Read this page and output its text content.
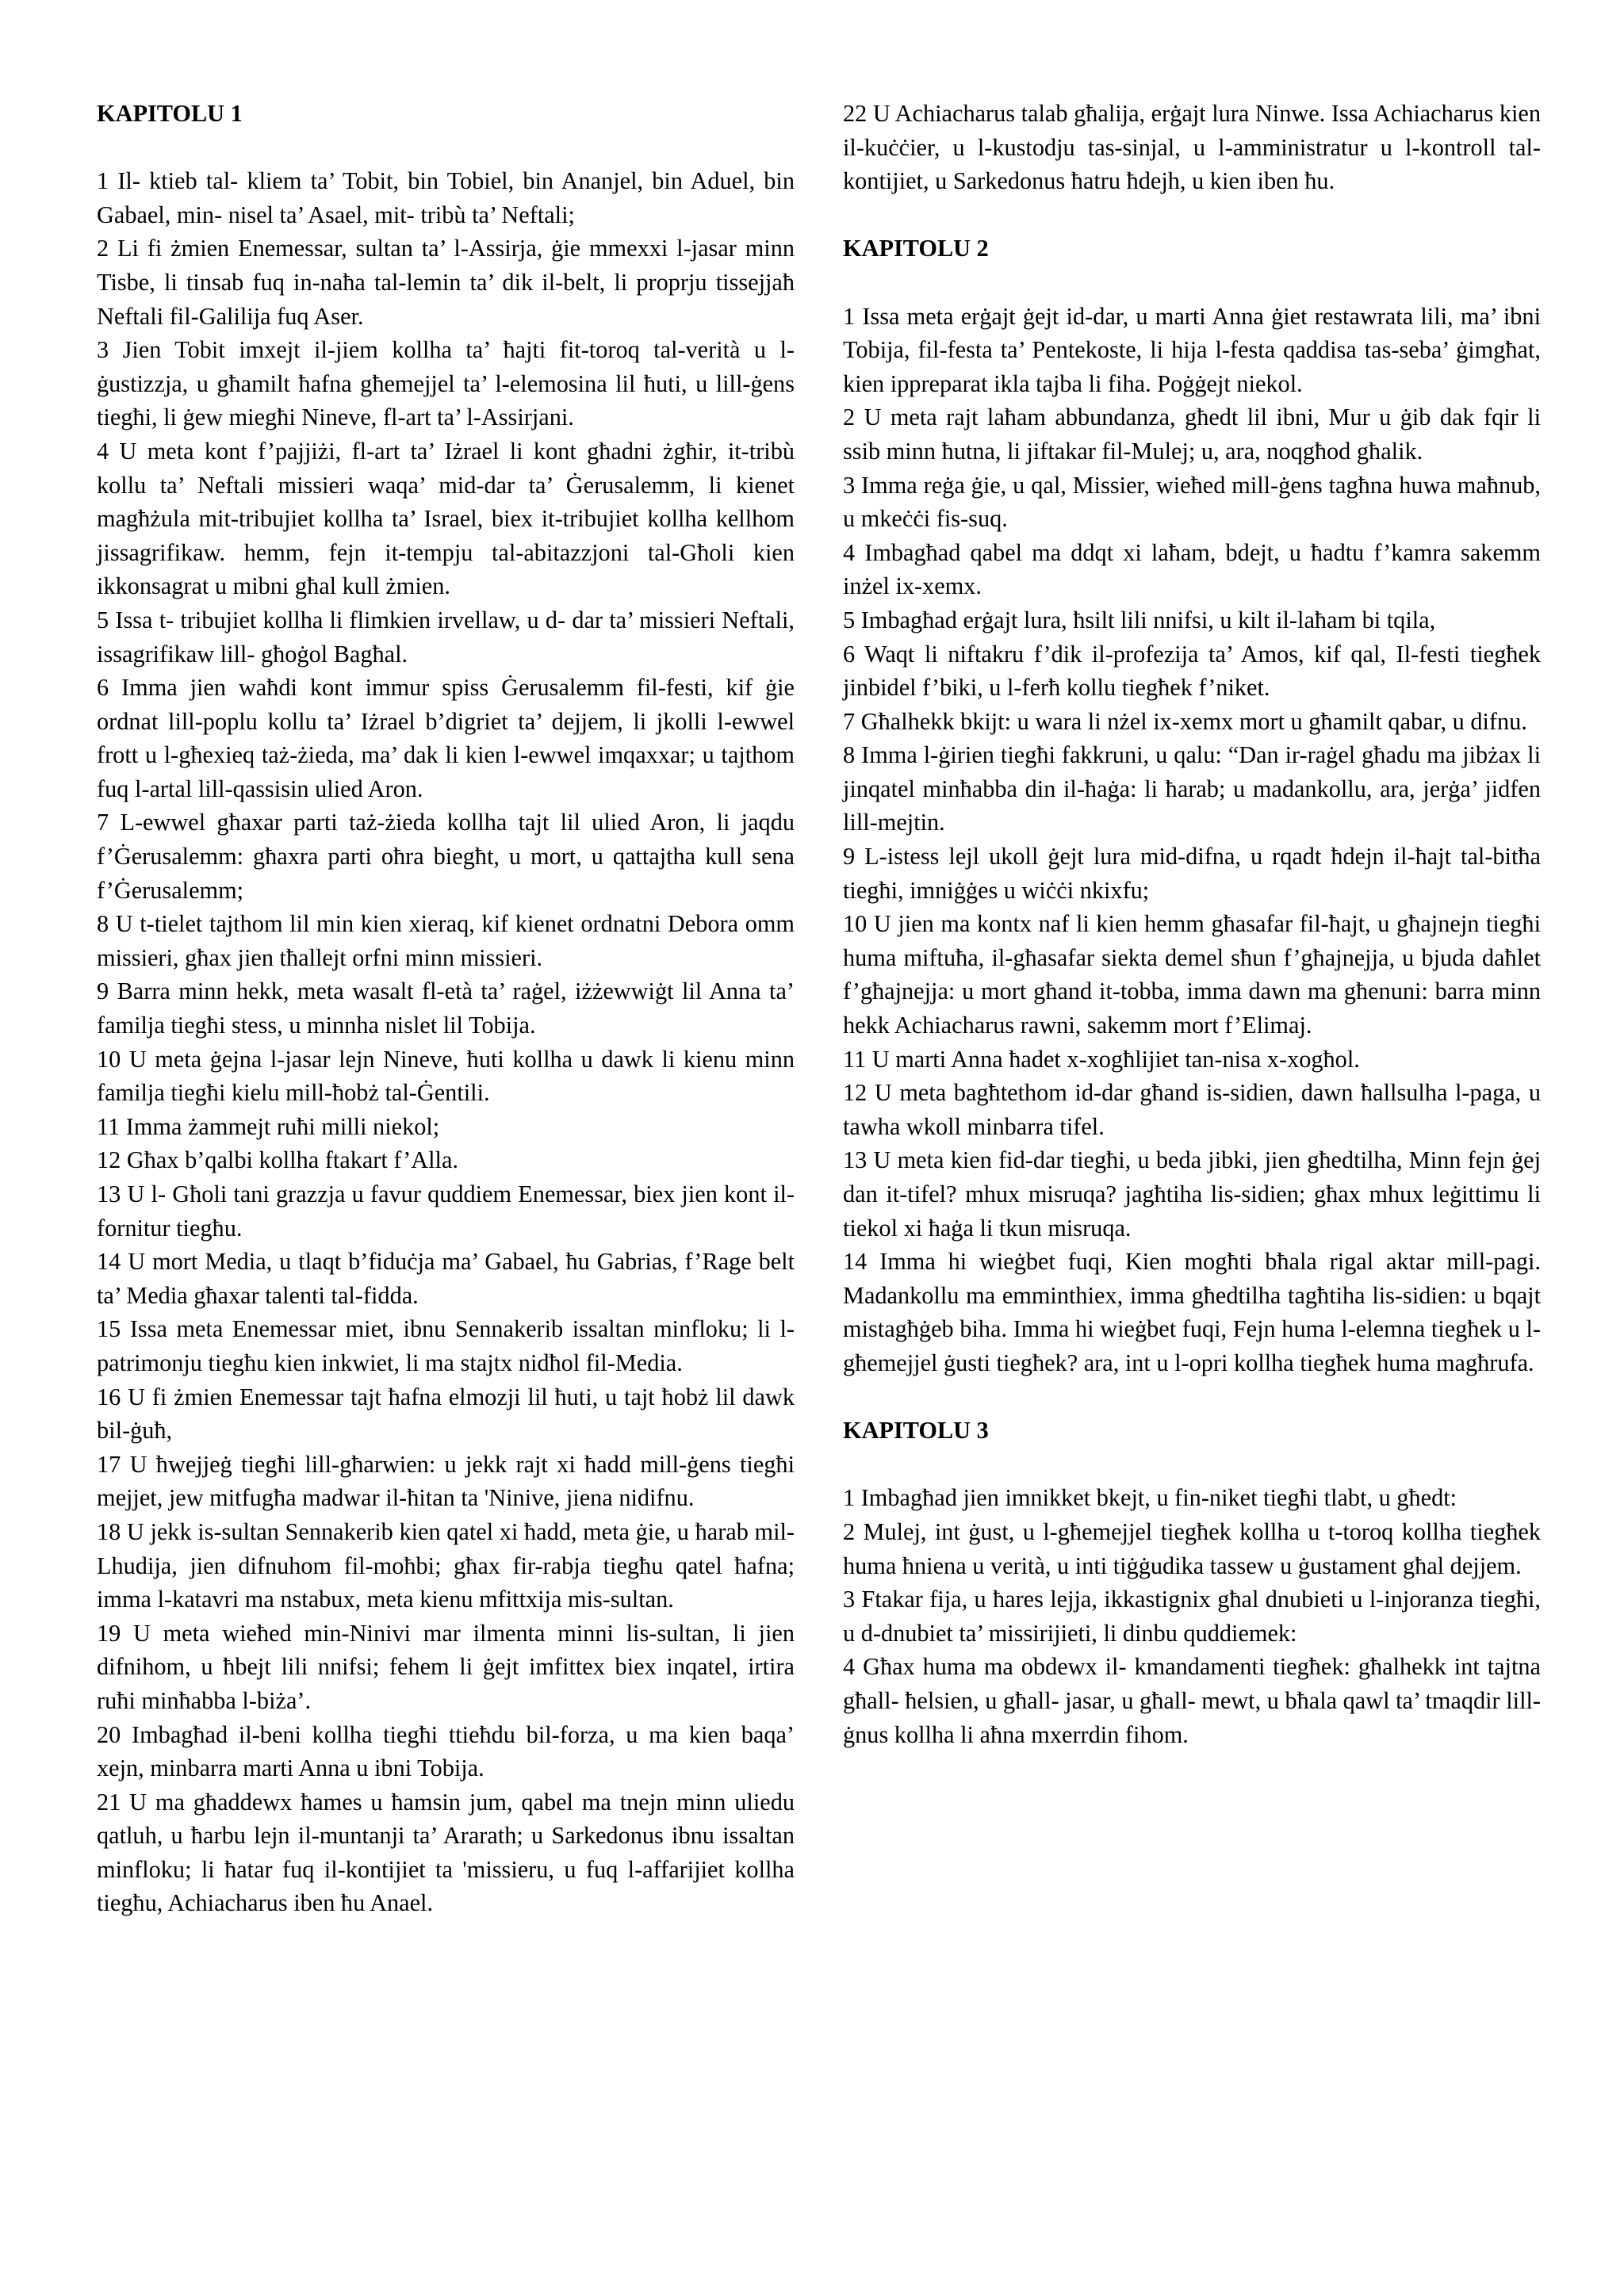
KAPITOLU 1

1 Il- ktieb tal- kliem ta’ Tobit, bin Tobiel, bin Ananjel, bin Aduel, bin Gabael, min- nisel ta’ Asael, mit- tribù ta’ Neftali;

2 Li fi żmien Enemessar, sultan ta’ l-Assirja, ġie mmexxi l-jasar minn Tisbe, li tinsab fuq in-naħa tal-lemin ta’ dik il-belt, li proprju tissejjaħ Neftali fil-Galilija fuq Aser.

3 Jien Tobit imxejt il-jiem kollha ta’ ħajti fit-toroq tal-verità u l-ġustizzja, u għamilt ħafna għemejjel ta’ l-elemosina lil ħuti, u lill-ġens tiegħi, li ġew miegħi Nineve, fl-art ta’ l-Assirjani.

4 U meta kont f’pajjiżi, fl-art ta’ Iżrael li kont għadni żgħir, it-tribù kollu ta’ Neftali missieri waqa’ mid-dar ta’ Ġerusalemm, li kienet magħżula mit-tribujiet kollha ta’ Israel, biex it-tribujiet kollha kellhom jissagrifikaw. hemm, fejn it-tempju tal-abitazzjoni tal-Għoli kien ikkonsagrat u mibni għal kull żmien.

5 Issa t- tribujiet kollha li flimkien irvellaw, u d- dar ta’ missieri Neftali, issagrifikaw lill- għoġol Bagħal.

6 Imma jien waħdi kont immur spiss Ġerusalemm fil-festi, kif ġie ordnat lill-poplu kollu ta’ Iżrael b’digriet ta’ dejjem, li jkolli l-ewwel frott u l-għexieq taż-żieda, ma’ dak li kien l-ewwel imqaxxar; u tajthom fuq l-artal lill-qassisin ulied Aron.

7 L-ewwel għaxar parti taż-żieda kollha tajt lil ulied Aron, li jaqdu f’Ġerusalemm: għaxra parti oħra biegħt, u mort, u qattajtha kull sena f’Ġerusalemm;

8 U t-tielet tajthom lil min kien xieraq, kif kienet ordnatni Debora omm missieri, għax jien tħallejt orfni minn missieri.

9 Barra minn hekk, meta wasalt fl-età ta’ raġel, iżżewwiġt lil Anna ta’ familja tiegħi stess, u minnha nislet lil Tobija.

10 U meta ġejna l-jasar lejn Nineve, ħuti kollha u dawk li kienu minn familja tiegħi kielu mill-ħobż tal-Ġentili.

11 Imma żammejt ruħi milli niekol;

12 Għax b’qalbi kollha ftakart f’Alla.

13 U l- Għoli tani grazzja u favur quddiem Enemessar, biex jien kont il- fornitur tiegħu.

14 U mort Media, u tlaqt b’fiduċja ma’ Gabael, ħu Gabrias, f’Rage belt ta’ Media għaxar talenti tal-fidda.

15 Issa meta Enemessar miet, ibnu Sennakerib issaltan minfloku; li l-patrimonju tiegħu kien inkwiet, li ma stajtx nidħol fil-Media.

16 U fi żmien Enemessar tajt ħafna elmozji lil ħuti, u tajt ħobż lil dawk bil-ġuħ,

17 U ħwejjeġ tiegħi lill-għarwien: u jekk rajt xi ħadd mill-ġens tiegħi mejjet, jew mitfugħa madwar il-ħitan ta 'Ninive, jiena nidifnu.

18 U jekk is-sultan Sennakerib kien qatel xi ħadd, meta ġie, u ħarab mil-Lhudija, jien difnuhom fil-moħbi; għax fir-rabja tiegħu qatel ħafna; imma l-katavri ma nstabux, meta kienu mfittxija mis-sultan.

19 U meta wieħed min-Ninivi mar ilmenta minni lis-sultan, li jien difnihom, u ħbejt lili nnifsi; fehem li ġejt imfittex biex inqatel, irtira ruħi minħabba l-biża’.

20 Imbagħad il-beni kollha tiegħi ttieħdu bil-forza, u ma kien baqa’ xejn, minbarra marti Anna u ibni Tobija.

21 U ma għaddewx ħames u ħamsin jum, qabel ma tnejn minn uliedu qatluh, u ħarbu lejn il-muntanji ta’ Ararath; u Sarkedonus ibnu issaltan minfloku; li ħatar fuq il-kontijiet ta 'missieru, u fuq l-affarijiet kollha tiegħu, Achiacharus iben ħu Anael.

22 U Achiacharus talab għalija, erġajt lura Ninwe. Issa Achiacharus kien il-kuċċier, u l-kustodju tas-sinjal, u l-amministratur u l-kontroll tal-kontijiet, u Sarkedonus ħatru ħdejh, u kien iben ħu.

KAPITOLU 2

1 Issa meta erġajt ġejt id-dar, u marti Anna ġiet restawrata lili, ma’ ibni Tobija, fil-festa ta’ Pentekoste, li hija l-festa qaddisa tas-seba’ ġimgħat, kien ippreparat ikla tajba li fiha. Poġġejt niekol.

2 U meta rajt laħam abbundanza, għedt lil ibni, Mur u ġib dak fqir li ssib minn ħutna, li jiftakar fil-Mulej; u, ara, noqgħod għalik.

3 Imma reġa ġie, u qal, Missier, wieħed mill-ġens tagħna huwa maħnub, u mkeċċi fis-suq.

4 Imbagħad qabel ma ddqt xi laħam, bdejt, u ħadtu f’kamra sakemm inżel ix-xemx.

5 Imbagħad erġajt lura, ħsilt lili nnifsi, u kilt il-laħam bi tqila,

6 Waqt li niftakru f’dik il-profezija ta’ Amos, kif qal, Il-festi tiegħek jinbidel f’biki, u l-ferħ kollu tiegħek f’niket.

7 Għalhekk bkijt: u wara li nżel ix-xemx mort u għamilt qabar, u difnu.

8 Imma l-ġirien tiegħi fakkruni, u qalu: “Dan ir-raġel għadu ma jibżax li jinqatel minħabba din il-ħaġa: li ħarab; u madankollu, ara, jerġa’ jidfen lill-mejtin.

9 L-istess lejl ukoll ġejt lura mid-difna, u rqadt ħdejn il-ħajt tal-bitħa tiegħi, imniġġes u wiċċi nkixfu;

10 U jien ma kontx naf li kien hemm għasafar fil-ħajt, u għajnejn tiegħi huma miftuħa, il-għasafar siekta demel sħun f’għajnejja, u bjuda daħlet f’għajnejja: u mort għand it-tobba, imma dawn ma għenuni: barra minn hekk Achiacharus rawni, sakemm mort f’Elimaj.

11 U marti Anna ħadet x-xogħlijiet tan-nisa x-xogħol.

12 U meta bagħtethom id-dar għand is-sidien, dawn ħallsulha l-paga, u tawha wkoll minbarra tifel.

13 U meta kien fid-dar tiegħi, u beda jibki, jien għedtilha, Minn fejn ġej dan it-tifel? mhux misruqa? jagħtiha lis-sidien; għax mhux leġittimu li tiekol xi ħaġa li tkun misruqa.

14 Imma hi wieġbet fuqi, Kien mogħti bħala rigal aktar mill-pagi. Madankollu ma emminthiex, imma għedtilha tagħtiha lis-sidien: u bqajt mistagħġeb biha. Imma hi wieġbet fuqi, Fejn huma l-elemna tiegħek u l-għemejjel ġusti tiegħek? ara, int u l-opri kollha tiegħek huma magħrufa.

KAPITOLU 3

1 Imbagħad jien imnikket bkejt, u fin-niket tiegħi tlabt, u għedt:

2 Mulej, int ġust, u l-għemejjel tiegħek kollha u t-toroq kollha tiegħek huma ħniena u verità, u inti tiġġudika tassew u ġustament għal dejjem.

3 Ftakar fija, u ħares lejja, ikkastignix għal dnubieti u l-injoranza tiegħi, u d-dnubiet ta’ missirijieti, li dinbu quddiemek:

4 Għax huma ma obdewx il- kmandamenti tiegħek: għalhekk int tajtna għall- ħelsien, u għall- jasar, u għall- mewt, u bħala qawl ta’ tmaqdir lill- ġnus kollha li aħna mxerrdin fihom.
